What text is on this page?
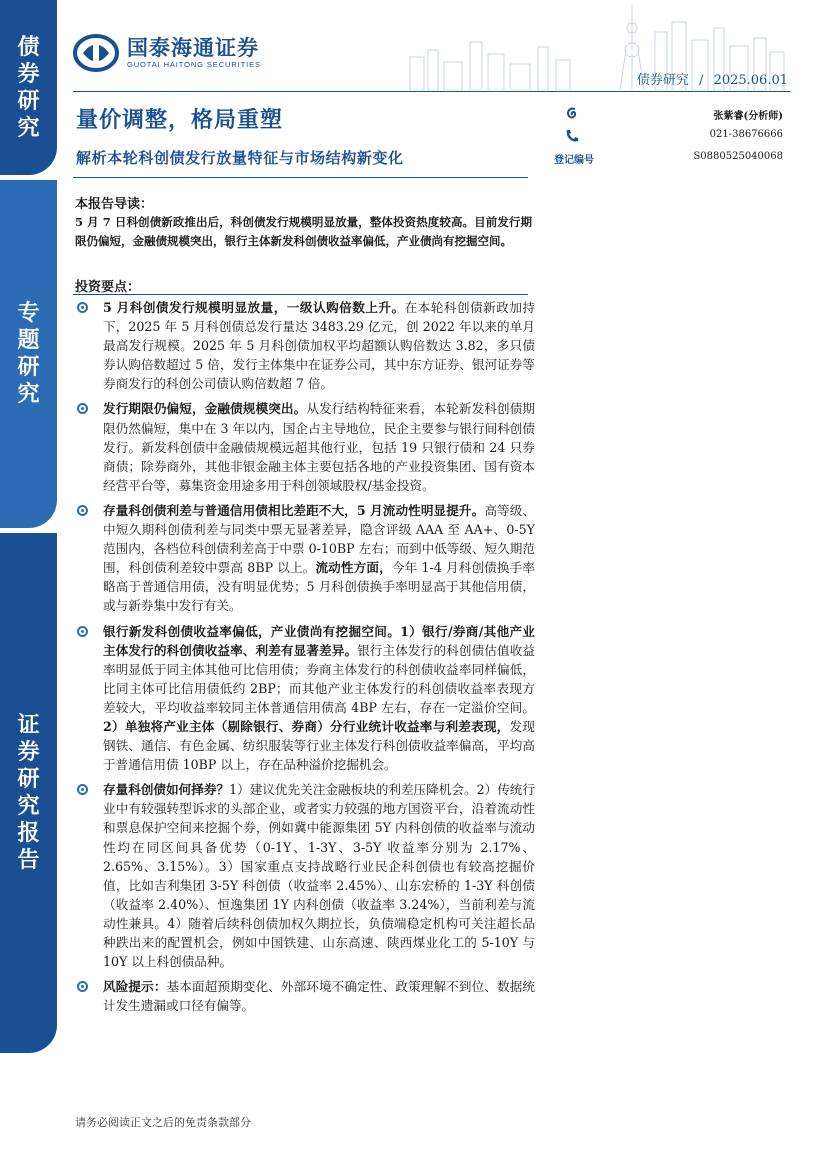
债
券
研
究
专
题
研
究
证
券
研
究
报
告
国泰海通证券
GUOTAI HAITONG SECURITIES
债券研究 / 2025.06.01
量价调整，格局重塑
解析本轮科创债发行放量特征与市场结构新变化
张紫睿(分析师)
021-38676666
登记编号	S0880525040068
本报告导读：
5 月 7 日科创债新政推出后，科创债发行规模明显放量，整体投资热度较高。目前发行期限仍偏短，金融债规模突出，银行主体新发科创债收益率偏低，产业债尚有挖掘空间。
投资要点：
5 月科创债发行规模明显放量，一级认购倍数上升。在本轮科创债新政加持下，2025 年 5 月科创债总发行量达 3483.29 亿元，创 2022 年以来的单月最高发行规模。2025 年 5 月科创债加权平均超额认购倍数达 3.82，多只债券认购倍数超过 5 倍，发行主体集中在证券公司，其中东方证券、银河证券等券商发行的科创公司债认购倍数超 7 倍。
发行期限仍偏短，金融债规模突出。从发行结构特征来看，本轮新发科创债期限仍然偏短，集中在 3 年以内，国企占主导地位，民企主要参与银行间科创债发行。新发科创债中金融债规模远超其他行业，包括 19 只银行债和 24 只券商债；除券商外，其他非银金融主体主要包括各地的产业投资集团、国有资本经营平台等，募集资金用途多用于科创领域股权/基金投资。
存量科创债利差与普通信用债相比差距不大，5 月流动性明显提升。高等级、中短久期科创债利差与同类中票无显著差异，隐含评级 AAA 至 AA+、0-5Y 范围内，各档位科创债利差高于中票 0-10BP 左右；而到中低等级、短久期范围，科创债利差较中票高 8BP 以上。流动性方面，今年 1-4 月科创债换手率略高于普通信用债，没有明显优势；5 月科创债换手率明显高于其他信用债，或与新券集中发行有关。
银行新发科创债收益率偏低，产业债尚有挖掘空间。1）银行/券商/其他产业主体发行的科创债收益率、利差有显著差异。银行主体发行的科创债估值收益率明显低于同主体其他可比信用债；券商主体发行的科创债收益率同样偏低，比同主体可比信用债低约 2BP；而其他产业主体发行的科创债收益率表现方差较大，平均收益率较同主体普通信用债高 4BP 左右，存在一定溢价空间。2）单独将产业主体（剔除银行、券商）分行业统计收益率与利差表现，发现钢铁、通信、有色金属、纺织服装等行业主体发行科创债收益率偏高，平均高于普通信用债 10BP 以上，存在品种溢价挖掘机会。
存量科创债如何择券？1）建议优先关注金融板块的利差压降机会。2）传统行业中有较强转型诉求的头部企业，或者实力较强的地方国资平台，沿着流动性和票息保护空间来挖掘个券，例如冀中能源集团 5Y 内科创债的收益率与流动性均在同区间具备优势（0-1Y、1-3Y、3-5Y 收益率分别为 2.17%、2.65%、3.15%）。3）国家重点支持战略行业民企科创债也有较高挖掘价值，比如吉利集团 3-5Y 科创债（收益率 2.45%）、山东宏桥的 1-3Y 科创债（收益率 2.40%）、恒逸集团 1Y 内科创债（收益率 3.24%），当前利差与流动性兼具。4）随着后续科创债加权久期拉长，负债端稳定机构可关注超长品种跌出来的配置机会，例如中国铁建、山东高速、陕西煤业化工的 5-10Y 与 10Y 以上科创债品种。
风险提示：基本面超预期变化、外部环境不确定性、政策理解不到位、数据统计发生遗漏或口径有偏等。
请务必阅读正文之后的免责条款部分
